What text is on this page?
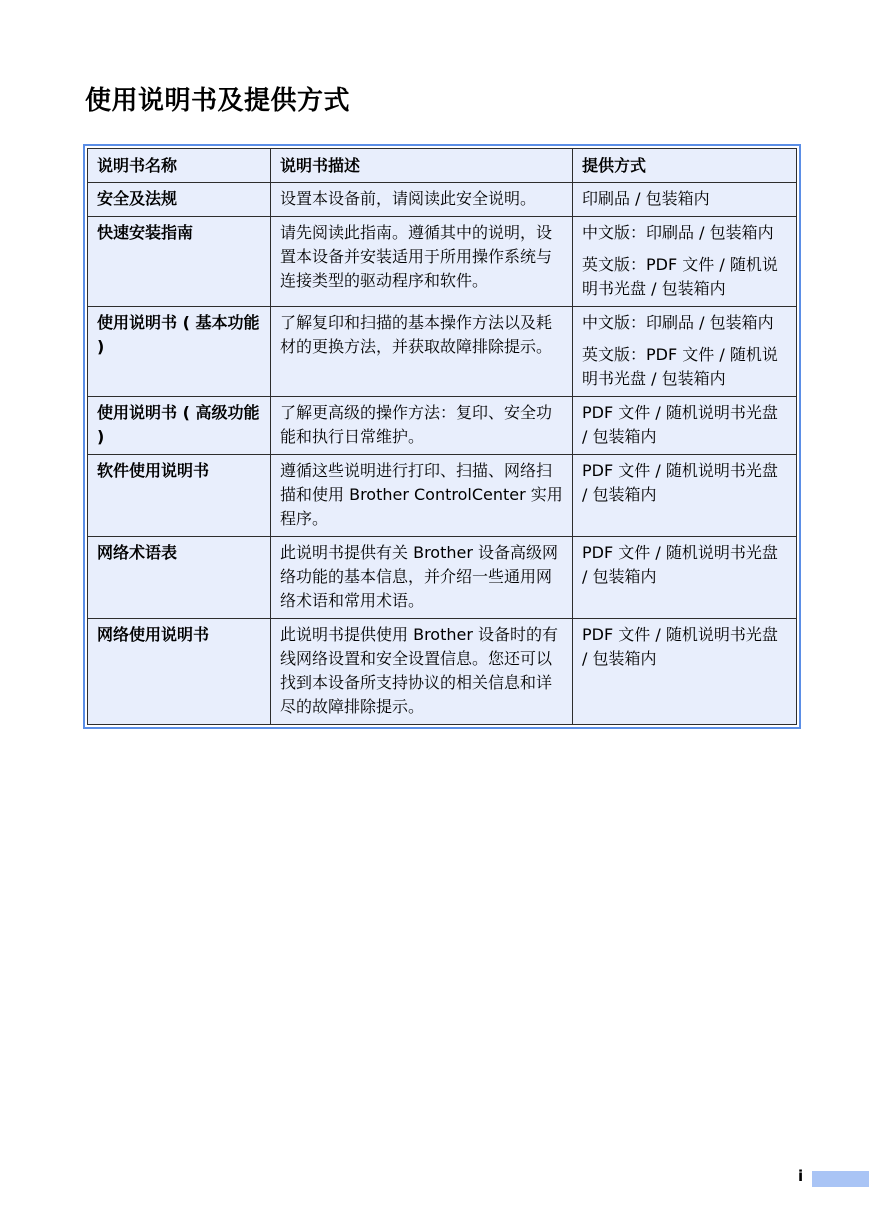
使用说明书及提供方式
说明书名称	说明书描述	提供方式
安全及法规	设置本设备前，请阅读此安全说明。	印刷品 / 包装箱内

快速安装指南	请先阅读此指南。遵循其中的说明，设置本设备并安装适用于所用操作系统与连接类型的驱动程序和软件。	中文版：印刷品 / 包装箱内
英文版：PDF 文件 / 随机说明书光盘 / 包装箱内

使用说明书 ( 基本功能 )	了解复印和扫描的基本操作方法以及耗材的更换方法，并获取故障排除提示。	中文版：印刷品 / 包装箱内
英文版：PDF 文件 / 随机说明书光盘 / 包装箱内

使用说明书 ( 高级功能 )	了解更高级的操作方法：复印、安全功能和执行日常维护。	PDF 文件 / 随机说明书光盘 / 包装箱内

软件使用说明书	遵循这些说明进行打印、扫描、网络扫描和使用 Brother ControlCenter 实用程序。	PDF 文件 / 随机说明书光盘 / 包装箱内

网络术语表	此说明书提供有关 Brother 设备高级网络功能的基本信息，并介绍一些通用网络术语和常用术语。	PDF 文件 / 随机说明书光盘 / 包装箱内

网络使用说明书	此说明书提供使用 Brother 设备时的有线网络设置和安全设置信息。您还可以找到本设备所支持协议的相关信息和详尽的故障排除提示。	PDF 文件 / 随机说明书光盘 / 包装箱内
i
